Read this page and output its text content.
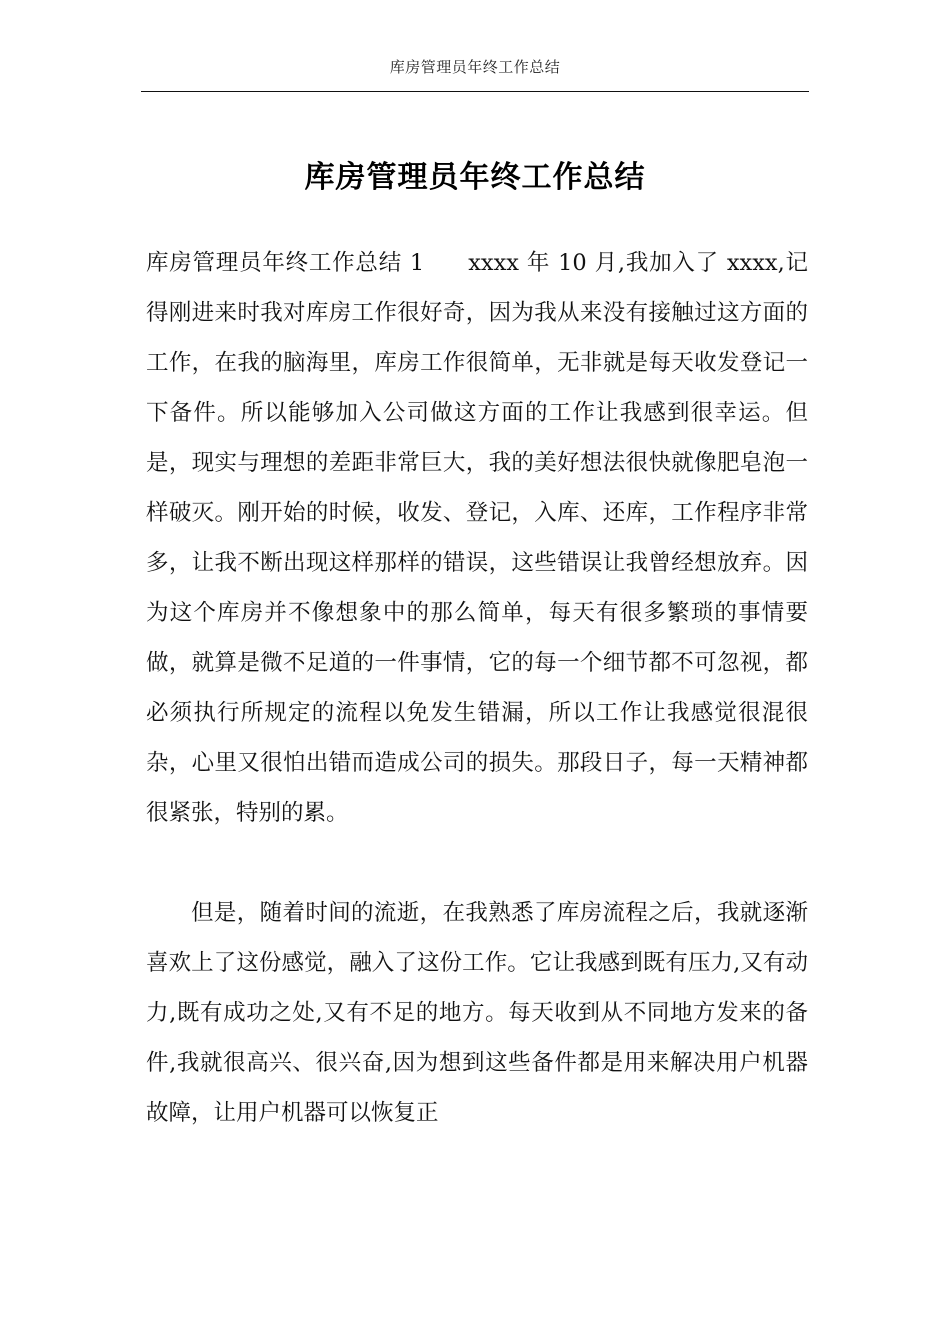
库房管理员年终工作总结
库房管理员年终工作总结

库房管理员年终工作总结 1 xxxx 年 10 月,我加入了 xxxx,记得刚进来时我对库房工作很好奇，因为我从来没有接触过这方面的工作，在我的脑海里，库房工作很简单，无非就是每天收发登记一下备件。所以能够加入公司做这方面的工作让我感到很幸运。但是，现实与理想的差距非常巨大，我的美好想法很快就像肥皂泡一样破灭。刚开始的时候，收发、登记，入库、还库，工作程序非常多，让我不断出现这样那样的错误，这些错误让我曾经想放弃。因为这个库房并不像想象中的那么简单，每天有很多繁琐的事情要做，就算是微不足道的一件事情，它的每一个细节都不可忽视，都必须执行所规定的流程以免发生错漏，所以工作让我感觉很混很杂，心里又很怕出错而造成公司的损失。那段日子，每一天精神都很紧张，特别的累。

但是，随着时间的流逝，在我熟悉了库房流程之后，我就逐渐喜欢上了这份感觉，融入了这份工作。它让我感到既有压力,又有动力,既有成功之处,又有不足的地方。每天收到从不同地方发来的备件,我就很高兴、很兴奋,因为想到这些备件都是用来解决用户机器故障，让用户机器可以恢复正
